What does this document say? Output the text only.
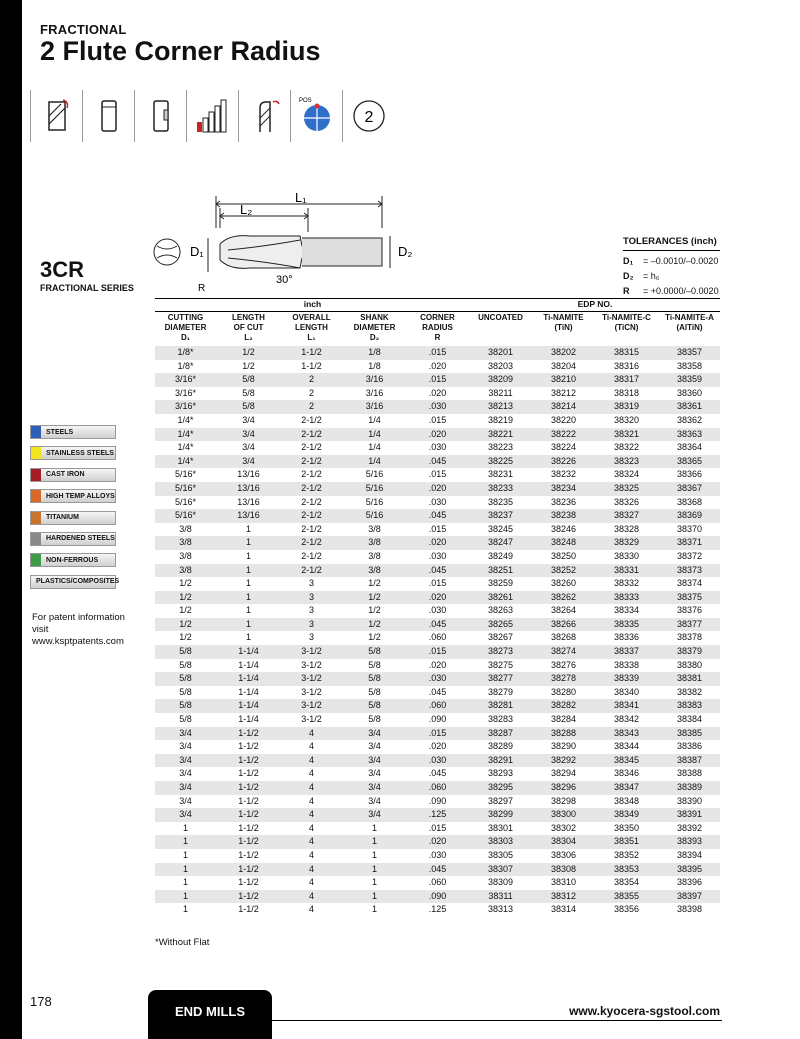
FRACTIONAL
2 Flute Corner Radius
POS
2
D₁	D₂
L₁
L₂
30°
R
3CR
FRACTIONAL SERIES
TOLERANCES (inch)
D₁ = –0.0010/–0.0020
D₂ = h₆
R = +0.0000/–0.0020
inch	EDP NO.
CUTTING
DIAMETER
D₁
LENGTH
OF CUT
L₂
OVERALL
LENGTH
L₁
SHANK
DIAMETER
D₂
CORNER
RADIUS
R
UNCOATED	Ti-NAMITE
(TiN)
Ti-NAMITE-C
(TiCN)
Ti-NAMITE-A
(AlTiN)
1/8*	1/2	1-1/2	1/8	.015	38201	38202	38315	38357
1/8*	1/2	1-1/2	1/8	.020	38203	38204	38316	38358
3/16*	5/8	2	3/16	.015	38209	38210	38317	38359
3/16*	5/8	2	3/16	.020	38211	38212	38318	38360
3/16*	5/8	2	3/16	.030	38213	38214	38319	38361
1/4*	3/4	2-1/2	1/4	.015	38219	38220	38320	38362
1/4*	3/4	2-1/2	1/4	.020	38221	38222	38321	38363
1/4*	3/4	2-1/2	1/4	.030	38223	38224	38322	38364
1/4*	3/4	2-1/2	1/4	.045	38225	38226	38323	38365
5/16*	13/16	2-1/2	5/16	.015	38231	38232	38324	38366
5/16*	13/16	2-1/2	5/16	.020	38233	38234	38325	38367
5/16*	13/16	2-1/2	5/16	.030	38235	38236	38326	38368
5/16*	13/16	2-1/2	5/16	.045	38237	38238	38327	38369
3/8	1	2-1/2	3/8	.015	38245	38246	38328	38370
3/8	1	2-1/2	3/8	.020	38247	38248	38329	38371
3/8	1	2-1/2	3/8	.030	38249	38250	38330	38372
3/8	1	2-1/2	3/8	.045	38251	38252	38331	38373
1/2	1	3	1/2	.015	38259	38260	38332	38374
1/2	1	3	1/2	.020	38261	38262	38333	38375
1/2	1	3	1/2	.030	38263	38264	38334	38376
1/2	1	3	1/2	.045	38265	38266	38335	38377
1/2	1	3	1/2	.060	38267	38268	38336	38378
5/8	1-1/4	3-1/2	5/8	.015	38273	38274	38337	38379
5/8	1-1/4	3-1/2	5/8	.020	38275	38276	38338	38380
5/8	1-1/4	3-1/2	5/8	.030	38277	38278	38339	38381
5/8	1-1/4	3-1/2	5/8	.045	38279	38280	38340	38382
5/8	1-1/4	3-1/2	5/8	.060	38281	38282	38341	38383
5/8	1-1/4	3-1/2	5/8	.090	38283	38284	38342	38384
3/4	1-1/2	4	3/4	.015	38287	38288	38343	38385
3/4	1-1/2	4	3/4	.020	38289	38290	38344	38386
3/4	1-1/2	4	3/4	.030	38291	38292	38345	38387
3/4	1-1/2	4	3/4	.045	38293	38294	38346	38388
3/4	1-1/2	4	3/4	.060	38295	38296	38347	38389
3/4	1-1/2	4	3/4	.090	38297	38298	38348	38390
3/4	1-1/2	4	3/4	.125	38299	38300	38349	38391
1	1-1/2	4	1	.015	38301	38302	38350	38392
1	1-1/2	4	1	.020	38303	38304	38351	38393
1	1-1/2	4	1	.030	38305	38306	38352	38394
1	1-1/2	4	1	.045	38307	38308	38353	38395
1	1-1/2	4	1	.060	38309	38310	38354	38396
1	1-1/2	4	1	.090	38311	38312	38355	38397
1	1-1/2	4	1	.125	38313	38314	38356	38398
STEELS
STAINLESS STEELS
CAST IRON
HIGH TEMP ALLOYS
TITANIUM
HARDENED STEELS
NON-FERROUS
PLASTICS/COMPOSITES
For patent information visit www.ksptpatents.com
*Without Flat
178
END MILLS	www.kyocera-sgstool.com
